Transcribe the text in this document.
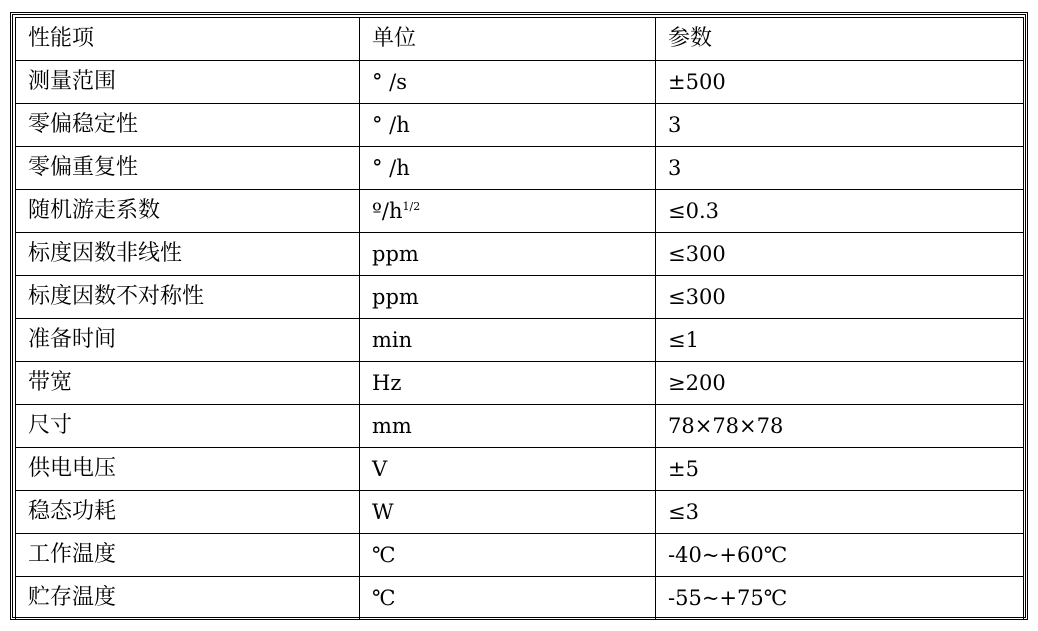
性能项	单位	参数
测量范围	° /s	±500
零偏稳定性	° /h	3
零偏重复性	° /h	3
随机游走系数	$º/h^{1/2}$	≤0.3
标度因数非线性	ppm	≤300
标度因数不对称性	ppm	≤300
准备时间	min	≤1
带宽	Hz	≥200
尺寸	mm	78×78×78
供电电压	V	±5
稳态功耗	W	≤3
工作温度	℃	-40~+60℃
贮存温度	℃	-55~+75℃
